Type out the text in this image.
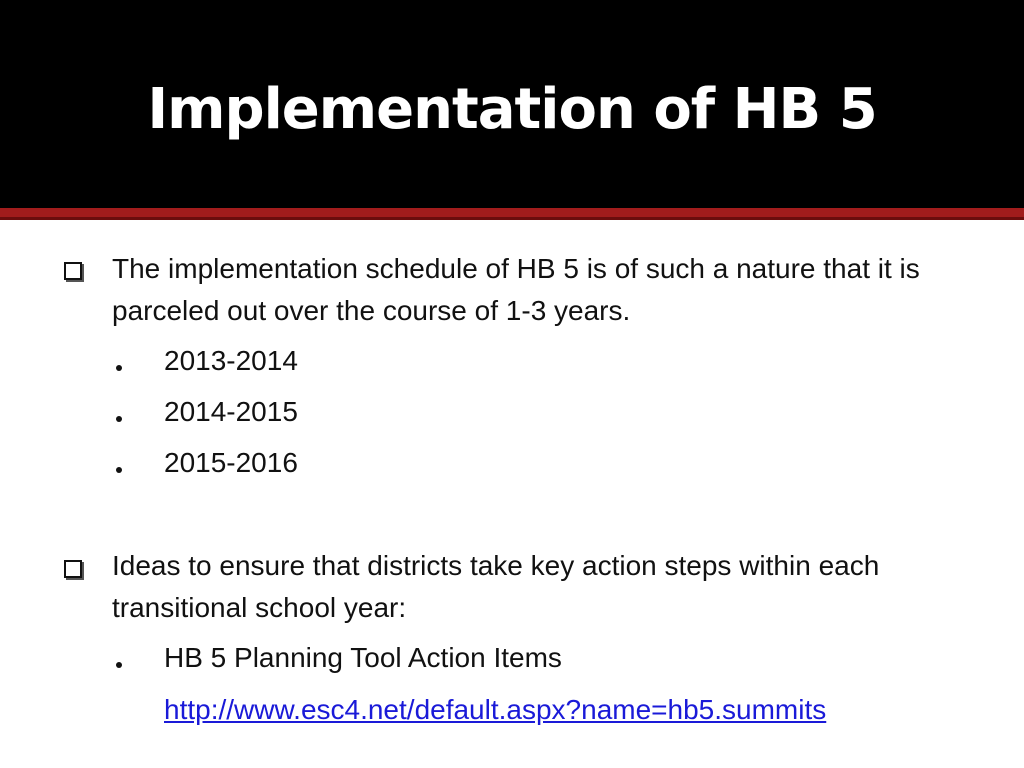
Implementation of HB 5
The implementation schedule of HB 5 is of such a nature that it is parceled out over the course of 1-3 years.
2013-2014
2014-2015
2015-2016
Ideas to ensure that districts take key action steps within each transitional school year:
HB 5 Planning Tool Action Items
http://www.esc4.net/default.aspx?name=hb5.summits
